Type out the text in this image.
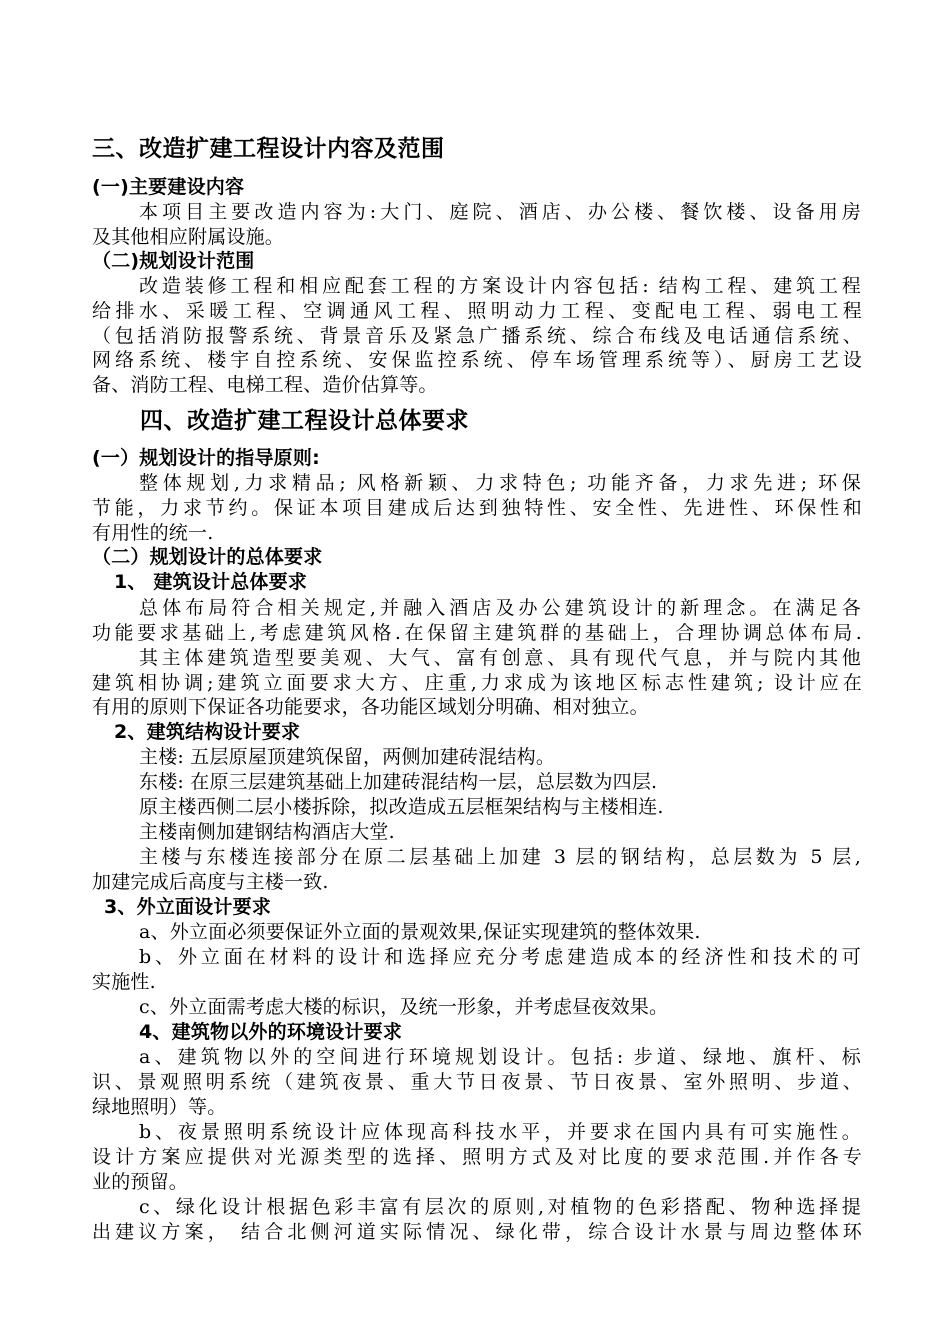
三、改造扩建工程设计内容及范围
(一)主要建设内容
本项目主要改造内容为:大门、庭院、酒店、办公楼、餐饮楼、设备用房
及其他相应附属设施。
（二)规划设计范围
改造装修工程和相应配套工程的方案设计内容包括: 结构工程、建筑工程
给排水、采暖工程、空调通风工程、照明动力工程、变配电工程、弱电工程
（包括消防报警系统、背景音乐及紧急广播系统、综合布线及电话通信系统、
网络系统、楼宇自控系统、安保监控系统、停车场管理系统等）、厨房工艺设
备、消防工程、电梯工程、造价估算等。
四、改造扩建工程设计总体要求
(一）规划设计的指导原则:
整体规划,力求精品; 风格新颖、力求特色; 功能齐备，力求先进; 环保
节能，力求节约。保证本项目建成后达到独特性、安全性、先进性、环保性和
有用性的统一.
（二）规划设计的总体要求
1、 建筑设计总体要求
总体布局符合相关规定,并融入酒店及办公建筑设计的新理念。在满足各
功能要求基础上,考虑建筑风格.在保留主建筑群的基础上，合理协调总体布局.
其主体建筑造型要美观、大气、富有创意、具有现代气息，并与院内其他
建筑相协调;建筑立面要求大方、庄重,力求成为该地区标志性建筑; 设计应在
有用的原则下保证各功能要求，各功能区域划分明确、相对独立。
2、建筑结构设计要求
主楼: 五层原屋顶建筑保留，两侧加建砖混结构。
东楼: 在原三层建筑基础上加建砖混结构一层，总层数为四层.
原主楼西侧二层小楼拆除，拟改造成五层框架结构与主楼相连.
主楼南侧加建钢结构酒店大堂.
主楼与东楼连接部分在原二层基础上加建 3 层的钢结构，总层数为 5 层,
加建完成后高度与主楼一致.
3、外立面设计要求
a、外立面必须要保证外立面的景观效果,保证实现建筑的整体效果.
b、外立面在材料的设计和选择应充分考虑建造成本的经济性和技术的可
实施性.
c、外立面需考虑大楼的标识，及统一形象，并考虑昼夜效果。
4、建筑物以外的环境设计要求
a、建筑物以外的空间进行环境规划设计。包括: 步道、绿地、旗杆、标
识、景观照明系统（建筑夜景、重大节日夜景、节日夜景、室外照明、步道、
绿地照明）等。
b、夜景照明系统设计应体现高科技水平，并要求在国内具有可实施性。
设计方案应提供对光源类型的选择、照明方式及对比度的要求范围.并作各专
业的预留。
c、绿化设计根据色彩丰富有层次的原则,对植物的色彩搭配、物种选择提
出建议方案， 结合北侧河道实际情况、绿化带，综合设计水景与周边整体环
